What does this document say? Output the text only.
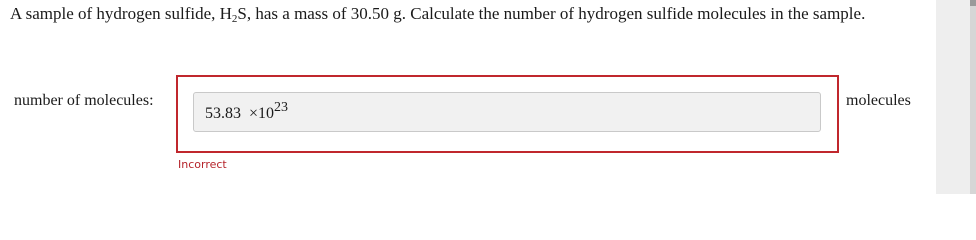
A sample of hydrogen sulfide, $H_2S$, has a mass of 30.50 g. Calculate the number of hydrogen sulfide molecules in the sample.
number of molecules:
$53.83 \times 10^{23}$
Incorrect
molecules
